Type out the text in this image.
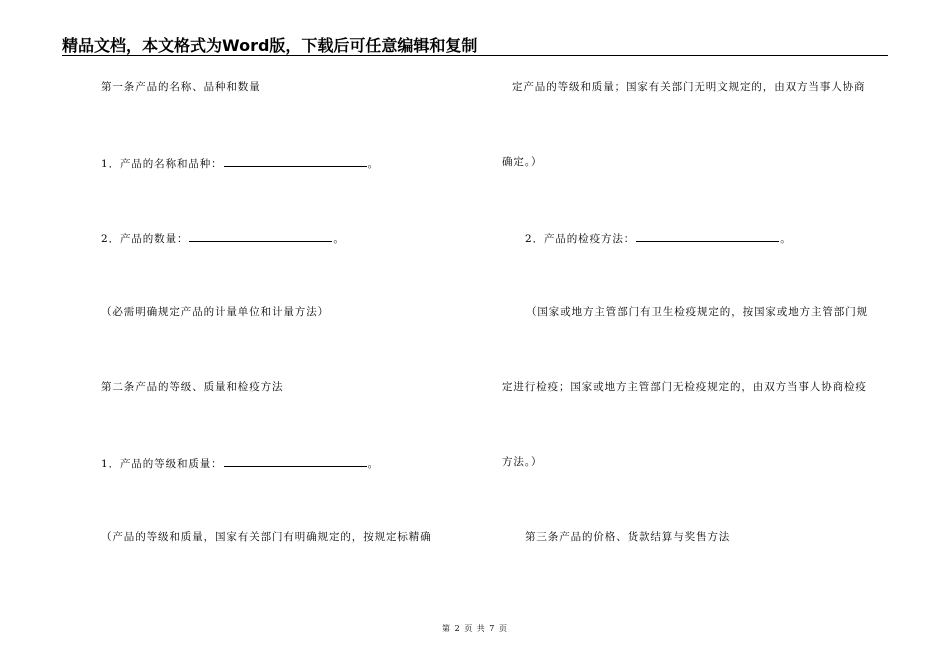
精品文档，本文格式为Word版，下载后可任意编辑和复制
第一条产品的名称、品种和数量
1．产品的名称和品种：	。
2．产品的数量：	。
（必需明确规定产品的计量单位和计量方法）
第二条产品的等级、质量和检疫方法
1．产品的等级和质量：	。
（产品的等级和质量，国家有关部门有明确规定的，按规定标精确
定产品的等级和质量；国家有关部门无明文规定的，由双方当事人协商
确定。）
2．产品的检疫方法：	。
（国家或地方主管部门有卫生检疫规定的，按国家或地方主管部门规
定进行检疫；国家或地方主管部门无检疫规定的，由双方当事人协商检疫
方法。）
第三条产品的价格、货款结算与奖售方法
第 2 页 共 7 页
